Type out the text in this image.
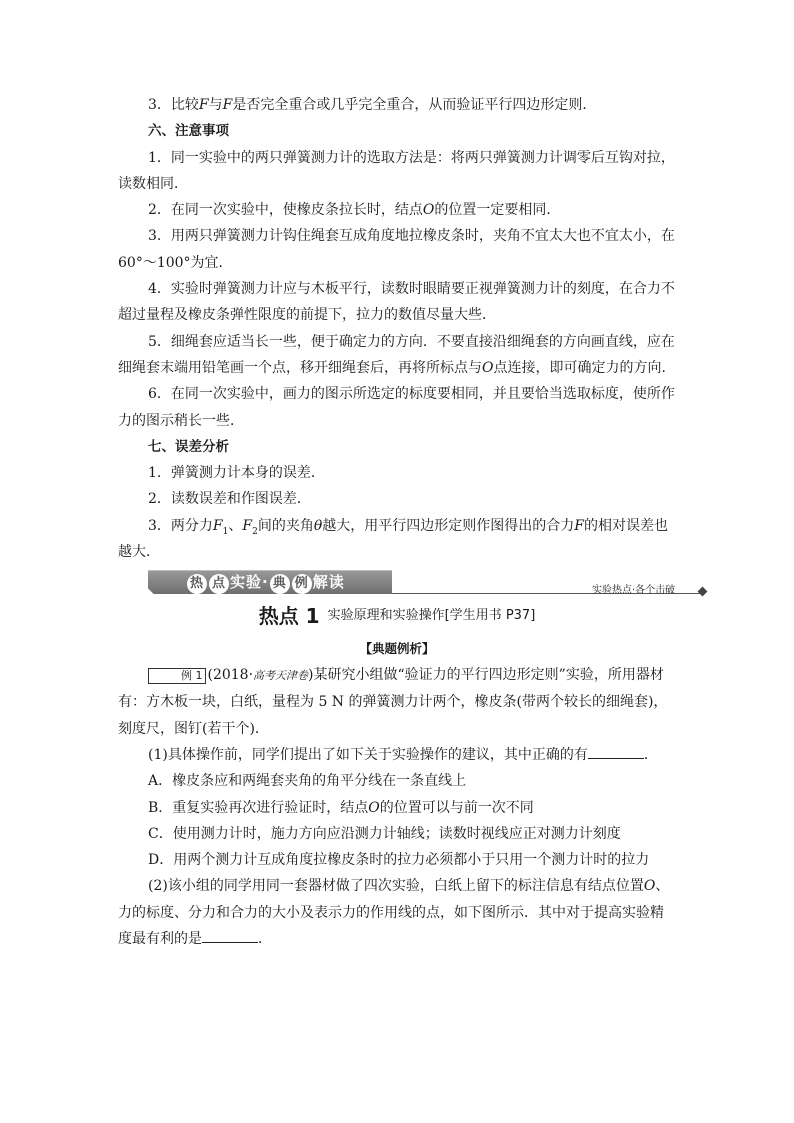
3．比较F与F是否完全重合或几乎完全重合，从而验证平行四边形定则．

六、注意事项

1．同一实验中的两只弹簧测力计的选取方法是：将两只弹簧测力计调零后互钩对拉，读数相同．

2．在同一次实验中，使橡皮条拉长时，结点O的位置一定要相同．

3．用两只弹簧测力计钩住绳套互成角度地拉橡皮条时，夹角不宜太大也不宜太小，在 60°～100°为宜．

4．实验时弹簧测力计应与木板平行，读数时眼睛要正视弹簧测力计的刻度，在合力不超过量程及橡皮条弹性限度的前提下，拉力的数值尽量大些．

5．细绳套应适当长一些，便于确定力的方向．不要直接沿细绳套的方向画直线，应在细绳套末端用铅笔画一个点，移开细绳套后，再将所标点与O点连接，即可确定力的方向．

6．在同一次实验中，画力的图示所选定的标度要相同，并且要恰当选取标度，使所作力的图示稍长一些．

七、误差分析

1．弹簧测力计本身的误差．

2．读数误差和作图误差．

3．两分力$F_1$、$F_2$间的夹角θ越大，用平行四边形定则作图得出的合力F的相对误差也越大．

热 点 实验· 典 例 解读	实验热点·各个击破

热点 1 实验原理和实验操作[学生用书 P37]

【典题例析】

例 1 (2018·高考天津卷)某研究小组做“验证力的平行四边形定则”实验，所用器材有：方木板一块，白纸，量程为 5 N 的弹簧测力计两个，橡皮条(带两个较长的细绳套)，刻度尺，图钉(若干个)．

(1)具体操作前，同学们提出了如下关于实验操作的建议，其中正确的有	．

A．橡皮条应和两绳套夹角的角平分线在一条直线上

B．重复实验再次进行验证时，结点O的位置可以与前一次不同

C．使用测力计时，施力方向应沿测力计轴线；读数时视线应正对测力计刻度

D．用两个测力计互成角度拉橡皮条时的拉力必须都小于只用一个测力计时的拉力

(2)该小组的同学用同一套器材做了四次实验，白纸上留下的标注信息有结点位置O、力的标度、分力和合力的大小及表示力的作用线的点，如下图所示．其中对于提高实验精度最有利的是	．
